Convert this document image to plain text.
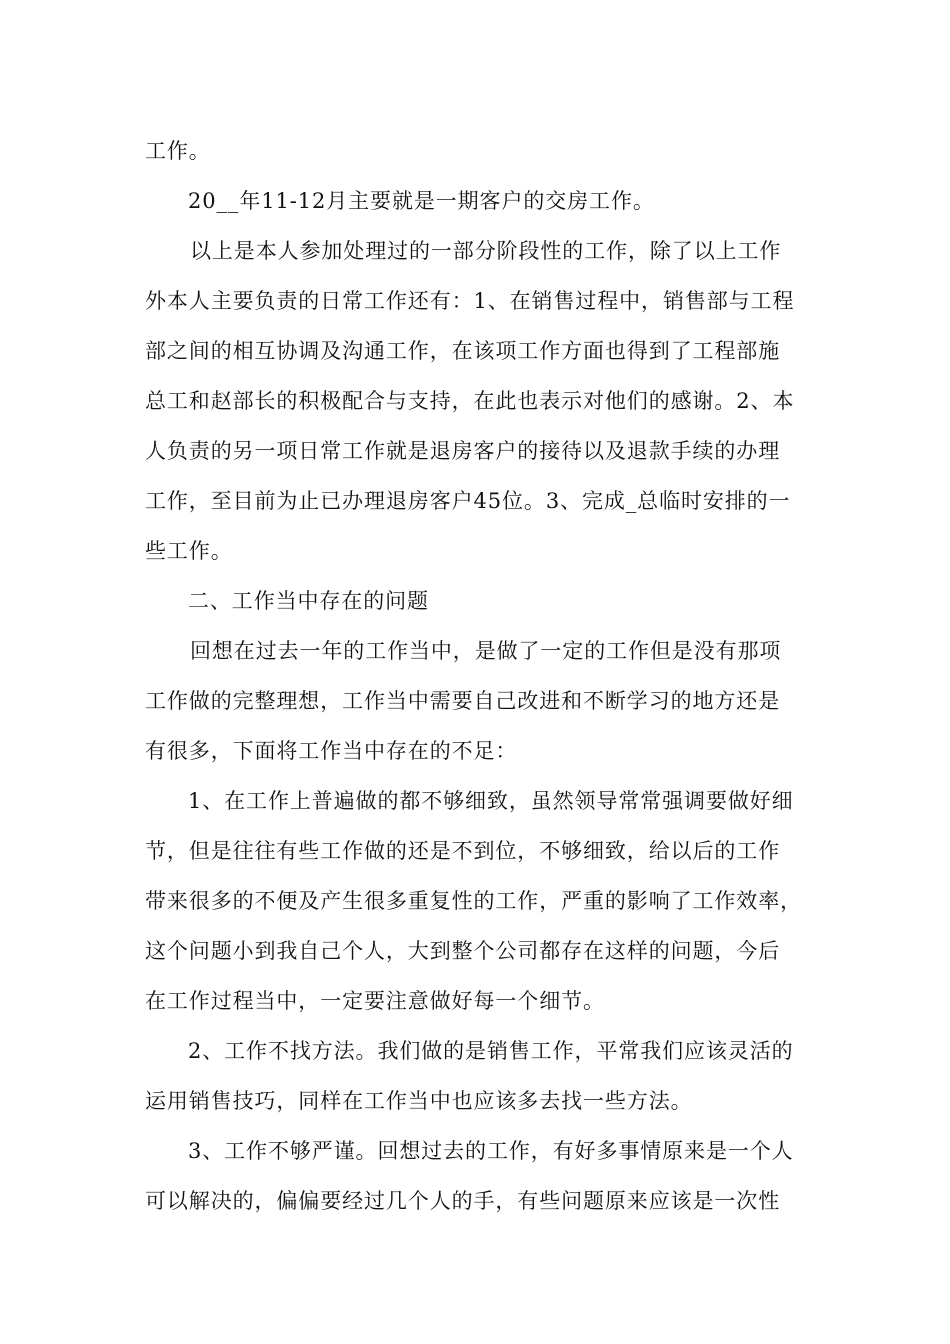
工作。
20__年11-12月主要就是一期客户的交房工作。
以上是本人参加处理过的一部分阶段性的工作，除了以上工作
外本人主要负责的日常工作还有：1、在销售过程中，销售部与工程
部之间的相互协调及沟通工作，在该项工作方面也得到了工程部施
总工和赵部长的积极配合与支持，在此也表示对他们的感谢。2、本
人负责的另一项日常工作就是退房客户的接待以及退款手续的办理
工作，至目前为止已办理退房客户45位。3、完成_总临时安排的一
些工作。
二、工作当中存在的问题
回想在过去一年的工作当中，是做了一定的工作但是没有那项
工作做的完整理想，工作当中需要自己改进和不断学习的地方还是
有很多，下面将工作当中存在的不足：
1、在工作上普遍做的都不够细致，虽然领导常常强调要做好细
节，但是往往有些工作做的还是不到位，不够细致，给以后的工作
带来很多的不便及产生很多重复性的工作，严重的影响了工作效率，
这个问题小到我自己个人，大到整个公司都存在这样的问题，今后
在工作过程当中，一定要注意做好每一个细节。
2、工作不找方法。我们做的是销售工作，平常我们应该灵活的
运用销售技巧，同样在工作当中也应该多去找一些方法。
3、工作不够严谨。回想过去的工作，有好多事情原来是一个人
可以解决的，偏偏要经过几个人的手，有些问题原来应该是一次性
